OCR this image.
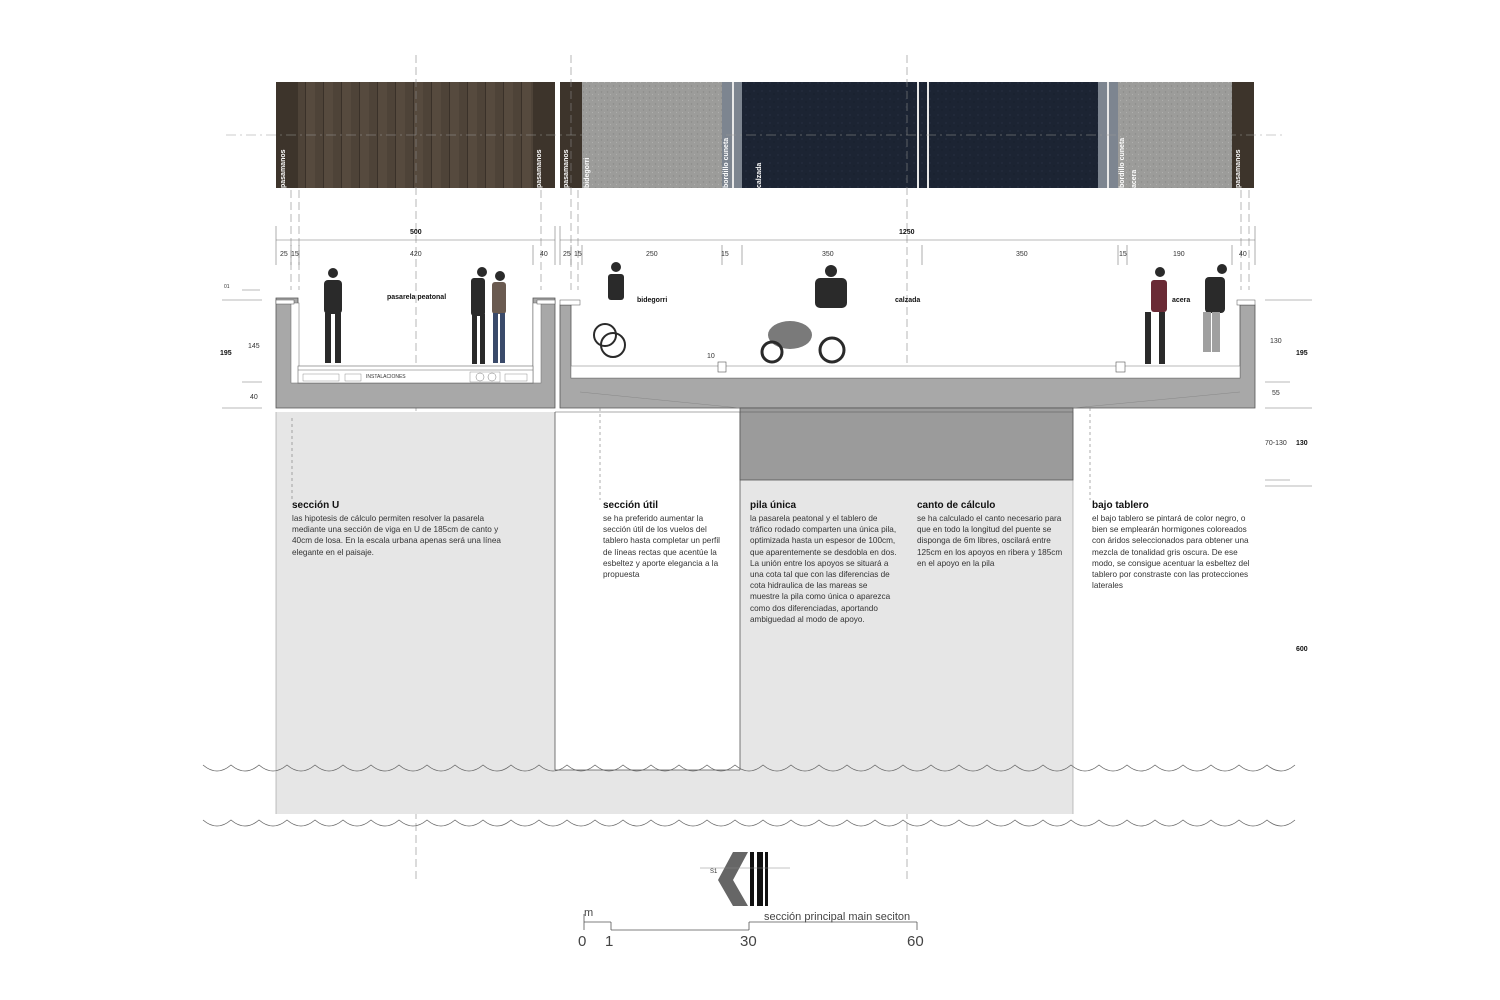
pasamanos	pasamanos	pasamanos bidegorri	bordillo cuneta	calzada	bordillo cuneta acera	pasamanos
500	1250
25 15	420	40 25 15	250	15	350	350	15	190	40
01
195
145
40
130
195
55
70-130 130
600
10
INSTALACIONES
pasarela peatonal	bidegorri	calzada	acera
sección U

las hipotesis de cálculo permiten resolver la pasarela mediante una sección de viga en U de 185cm de canto y 40cm de losa. En la escala urbana apenas será una línea elegante en el paisaje.

sección útil

se ha preferido aumentar la sección útil de los vuelos del tablero hasta completar un perfil de líneas rectas que acentúe la esbeltez y aporte elegancia a la propuesta

pila única

la pasarela peatonal y el tablero de tráfico rodado comparten una única pila, optimizada hasta un espesor de 100cm, que aparentemente se desdobla en dos. La unión entre los apoyos se situará a una cota tal que con las diferencias de cota hidraulica de las mareas se muestre la pila como única o aparezca como dos diferenciadas, aportando ambiguedad al modo de apoyo.

canto de cálculo

se ha calculado el canto necesario para que en todo la longitud del puente se disponga de 6m libres, oscilará entre 125cm en los apoyos en ribera y 185cm en el apoyo en la pila

bajo tablero

el bajo tablero se pintará de color negro, o bien se emplearán hormigones coloreados con áridos seleccionados para obtener una mezcla de tonalidad gris oscura. De ese modo, se consigue acentuar la esbeltez del tablero por constraste con las protecciones laterales

S1
m
0 1	30	60
sección principal main seciton
